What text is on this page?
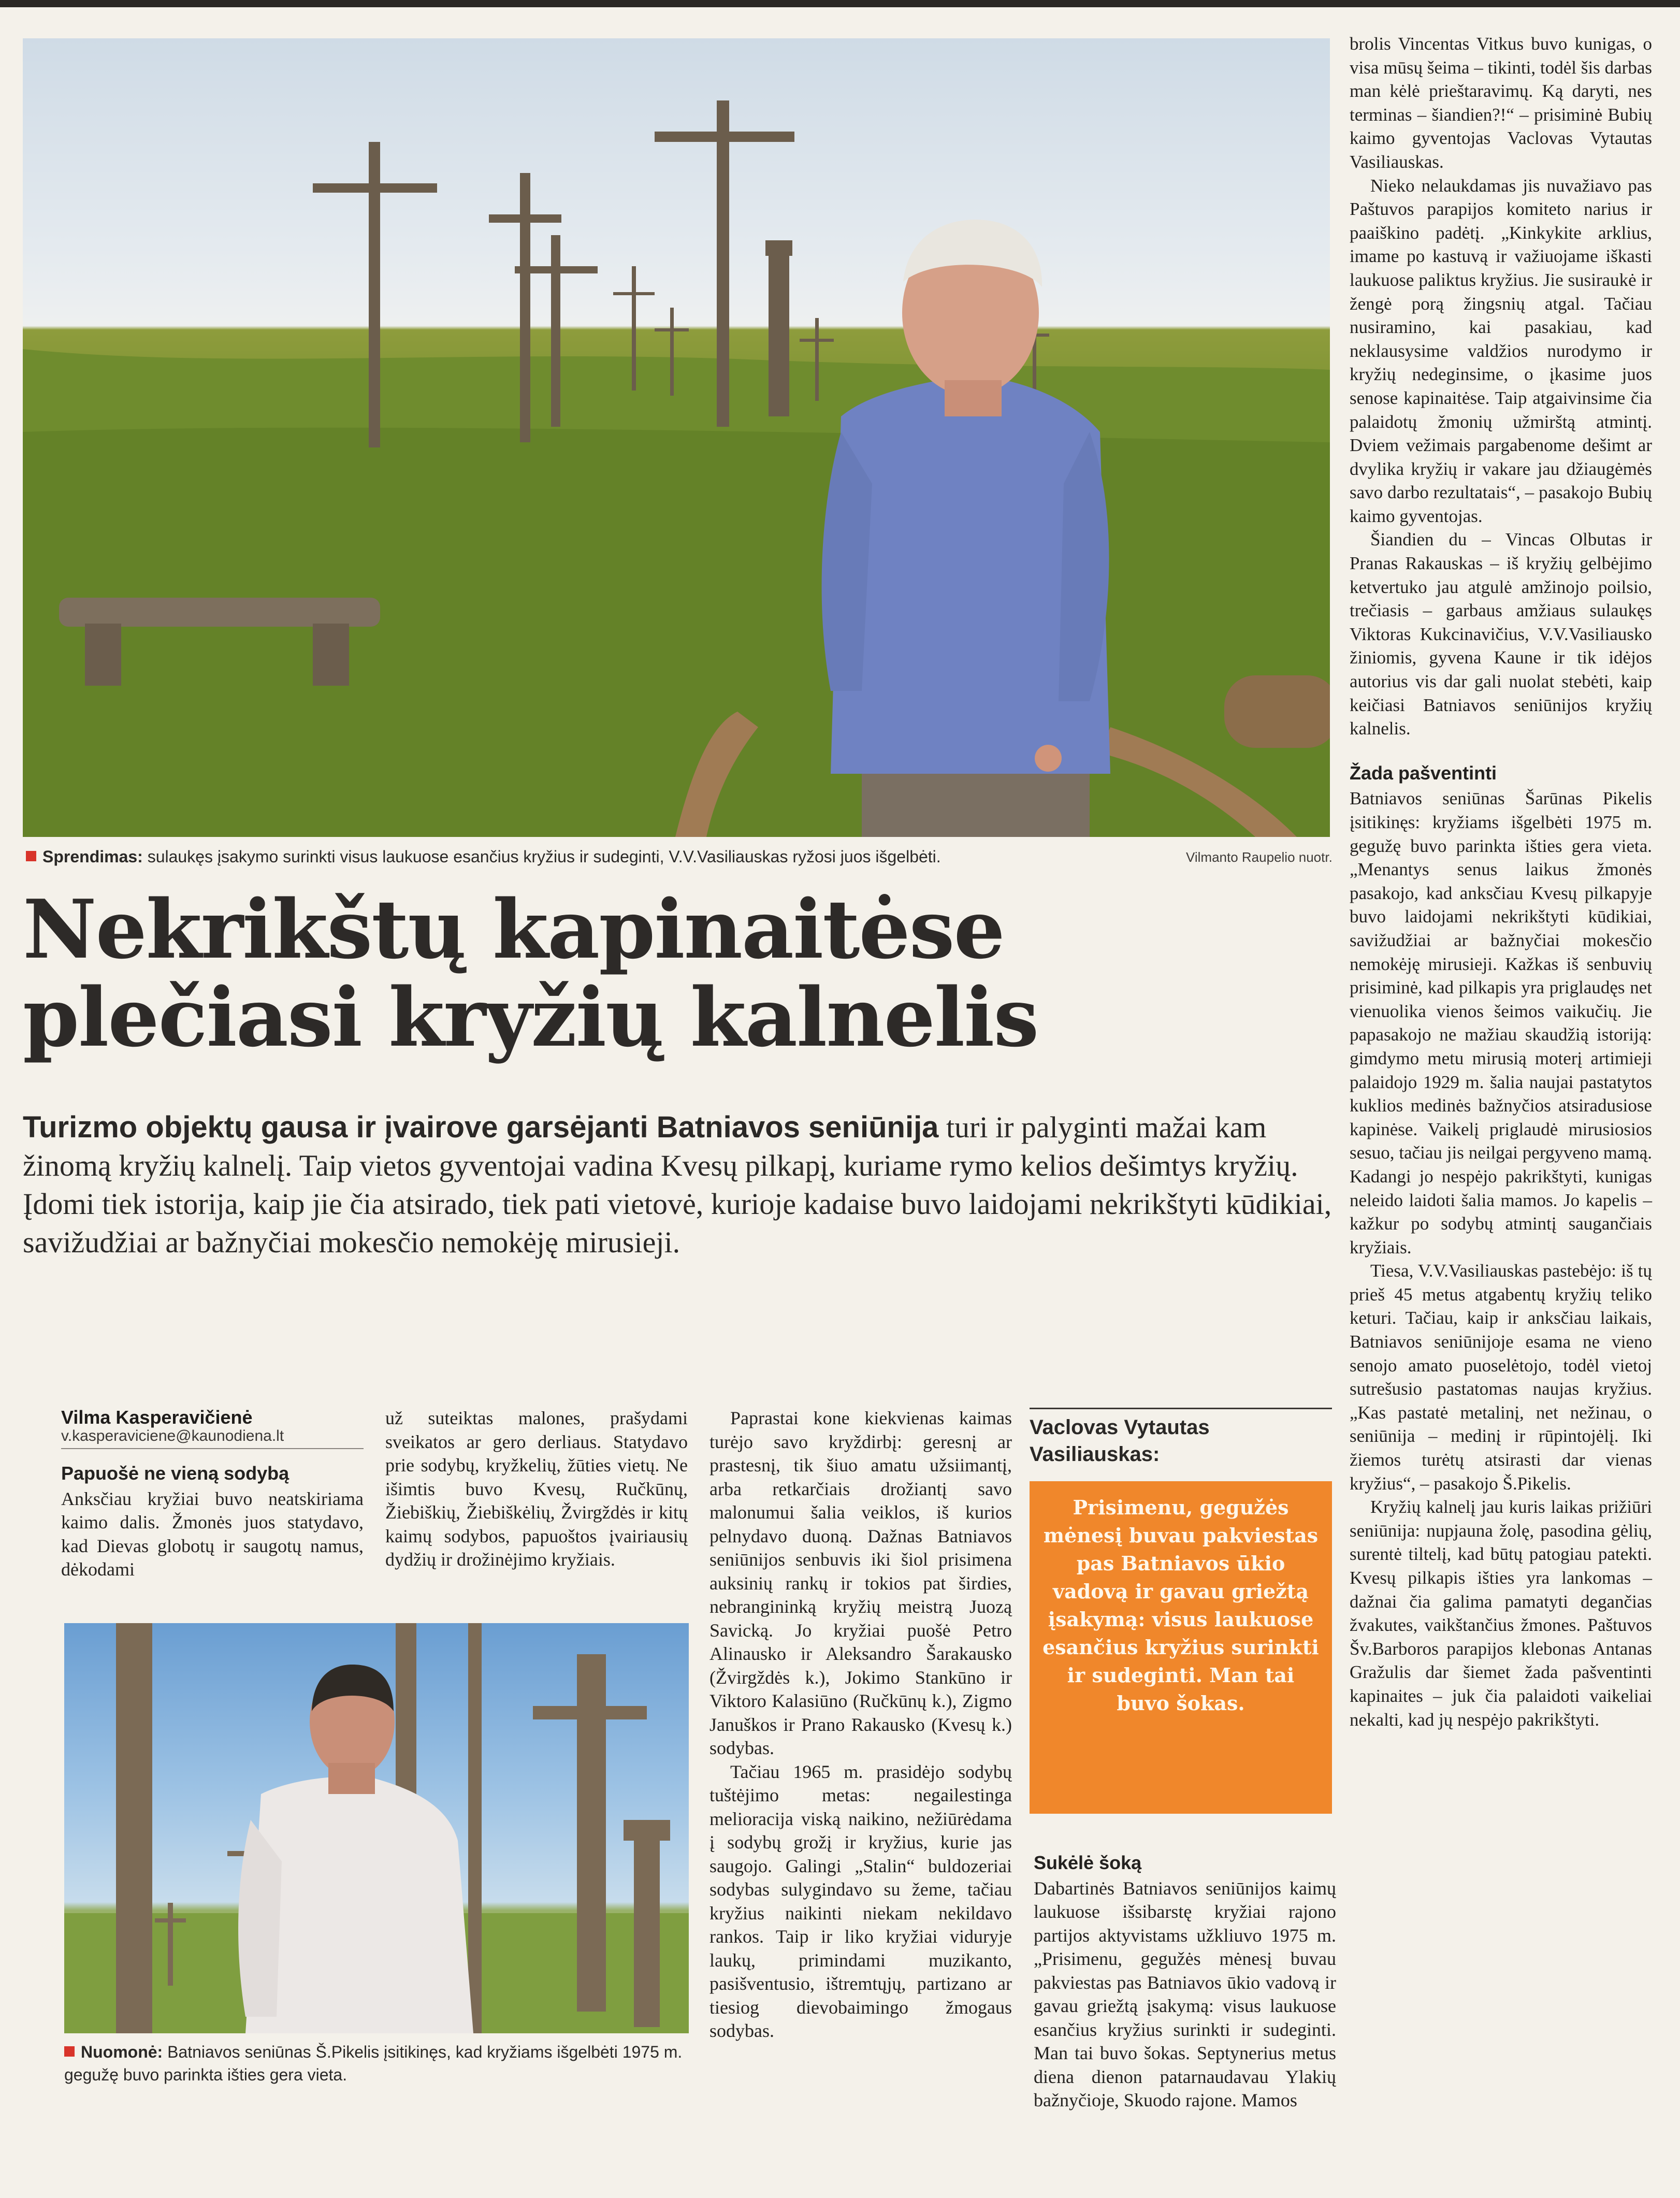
Sprendimas: sulaukęs įsakymo surinkti visus laukuose esančius kryžius ir sudeginti, V.V.Vasiliauskas ryžosi juos išgelbėti.	Vilmanto Raupelio nuotr.
Nekrikštų kapinaitėse
plečiasi kryžių kalnelis
Turizmo objektų gausa ir įvairove garsėjanti Batniavos seniūnija turi ir palyginti mažai kam žinomą kryžių kalnelį. Taip vietos gyventojai vadina Kvesų pilkapį, kuriame rymo kelios dešimtys kryžių. Įdomi tiek istorija, kaip jie čia atsirado, tiek pati vietovė, kurioje kadaise buvo laidojami nekrikštyti kūdikiai, savižudžiai ar bažnyčiai mokesčio nemokėję mirusieji.
Vilma Kasperavičienė
v.kasperaviciene@kaunodiena.lt
Papuošė ne vieną sodybą

Anksčiau kryžiai buvo neatskiriama kaimo dalis. Žmonės juos statydavo, kad Dievas globotų ir saugotų namus, dėkodami

už suteiktas malones, prašydami sveikatos ar gero derliaus. Statydavo prie sodybų, kryžkelių, žūties vietų. Ne išimtis buvo Kvesų, Ručkūnų, Žiebiškių, Žiebiškėlių, Žvirgždės ir kitų kaimų sodybos, papuoštos įvairiausių dydžių ir drožinėjimo kryžiais.

Nuomonė: Batniavos seniūnas Š.Pikelis įsitikinęs, kad kryžiams išgelbėti 1975 m. gegužę buvo parinkta išties gera vieta.

Paprastai kone kiekvienas kaimas turėjo savo kryždirbį: geresnį ar prastesnį, tik šiuo amatu užsiimantį, arba retkarčiais drožiantį savo malonumui šalia veiklos, iš kurios pelnydavo duoną. Dažnas Batniavos seniūnijos senbuvis iki šiol prisimena auksinių rankų ir tokios pat širdies, nebrangininką kryžių meistrą Juozą Savicką. Jo kryžiai puošė Petro Alinausko ir Aleksandro Šarakausko (Žvirgždės k.), Jokimo Stankūno ir Viktoro Kalasiūno (Ručkūnų k.), Zigmo Januškos ir Prano Rakausko (Kvesų k.) sodybas.

Tačiau 1965 m. prasidėjo sodybų tuštėjimo metas: negailestinga melioracija viską naikino, nežiūrėdama į sodybų grožį ir kryžius, kurie jas saugojo. Galingi „Stalin“ buldozeriai sodybas sulygindavo su žeme, tačiau kryžius naikinti niekam nekildavo rankos. Taip ir liko kryžiai viduryje laukų, primindami muzikanto, pasišventusio, ištremtųjų, partizano ar tiesiog dievobaimingo žmogaus sodybas.

Vaclovas Vytautas Vasiliauskas:
Prisimenu, gegužės mėnesį buvau pakviestas pas Batniavos ūkio vadovą ir gavau griežtą įsakymą: visus laukuose esančius kryžius surinkti ir sudeginti. Man tai buvo šokas.
Sukėlė šoką

Dabartinės Batniavos seniūnijos kaimų laukuose išsibarstę kryžiai rajono partijos aktyvistams užkliuvo 1975 m. „Prisimenu, gegužės mėnesį buvau pakviestas pas Batniavos ūkio vadovą ir gavau griežtą įsakymą: visus laukuose esančius kryžius surinkti ir sudeginti. Man tai buvo šokas. Septynerius metus diena dienon patarnaudavau Ylakių bažnyčioje, Skuodo rajone. Mamos

brolis Vincentas Vitkus buvo kunigas, o visa mūsų šeima – tikinti, todėl šis darbas man kėlė prieštaravimų. Ką daryti, nes terminas – šiandien?!“ – prisiminė Bubių kaimo gyventojas Vaclovas Vytautas Vasiliauskas.

Nieko nelaukdamas jis nuvažiavo pas Paštuvos parapijos komiteto narius ir paaiškino padėtį. „Kinkykite arklius, imame po kastuvą ir važiuojame iškasti laukuose paliktus kryžius. Jie susiraukė ir žengė porą žingsnių atgal. Tačiau nusiramino, kai pasakiau, kad neklausysime valdžios nurodymo ir kryžių nedeginsime, o įkasime juos senose kapinaitėse. Taip atgaivinsime čia palaidotų žmonių užmirštą atmintį. Dviem vežimais pargabenome dešimt ar dvylika kryžių ir vakare jau džiaugėmės savo darbo rezultatais“, – pasakojo Bubių kaimo gyventojas.

Šiandien du – Vincas Olbutas ir Pranas Rakauskas – iš kryžių gelbėjimo ketvertuko jau atgulė amžinojo poilsio, trečiasis – garbaus amžiaus sulaukęs Viktoras Kukcinavičius, V.V.Vasiliausko žiniomis, gyvena Kaune ir tik idėjos autorius vis dar gali nuolat stebėti, kaip keičiasi Batniavos seniūnijos kryžių kalnelis.

Žada pašventinti

Batniavos seniūnas Šarūnas Pikelis įsitikinęs: kryžiams išgelbėti 1975 m. gegužę buvo parinkta išties gera vieta. „Menantys senus laikus žmonės pasakojo, kad anksčiau Kvesų pilkapyje buvo laidojami nekrikštyti kūdikiai, savižudžiai ar bažnyčiai mokesčio nemokėję mirusieji. Kažkas iš senbuvių prisiminė, kad pilkapis yra priglaudęs net vienuolika vienos šeimos vaikučių. Jie papasakojo ne mažiau skaudžią istoriją: gimdymo metu mirusią moterį artimieji palaidojo 1929 m. šalia naujai pastatytos kuklios medinės bažnyčios atsiradusiose kapinėse. Vaikelį priglaudė mirusiosios sesuo, tačiau jis neilgai pergyveno mamą. Kadangi jo nespėjo pakrikštyti, kunigas neleido laidoti šalia mamos. Jo kapelis – kažkur po sodybų atmintį saugančiais kryžiais.

Tiesa, V.V.Vasiliauskas pastebėjo: iš tų prieš 45 metus atgabentų kryžių teliko keturi. Tačiau, kaip ir anksčiau laikais, Batniavos seniūnijoje esama ne vieno senojo amato puoselėtojo, todėl vietoj sutrešusio pastatomas naujas kryžius. „Kas pastatė metalinį, net nežinau, o seniūnija – medinį ir rūpintojėlį. Iki žiemos turėtų atsirasti dar vienas kryžius“, – pasakojo Š.Pikelis.

Kryžių kalnelį jau kuris laikas prižiūri seniūnija: nupjauna žolę, pasodina gėlių, surentė tiltelį, kad būtų patogiau patekti. Kvesų pilkapis išties yra lankomas – dažnai čia galima pamatyti degančias žvakutes, vaikštančius žmones. Paštuvos Šv.Barboros parapijos klebonas Antanas Gražulis dar šiemet žada pašventinti kapinaites – juk čia palaidoti vaikeliai nekalti, kad jų nespėjo pakrikštyti.
